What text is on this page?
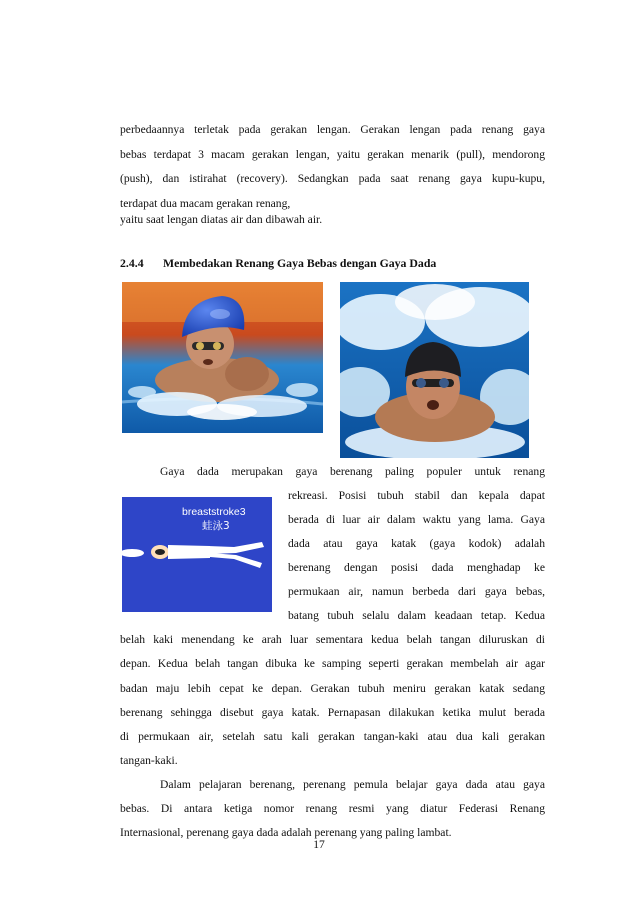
perbedaannya terletak pada gerakan lengan. Gerakan lengan pada renang gaya
bebas terdapat 3 macam gerakan lengan, yaitu gerakan menarik (pull), mendorong
(push), dan istirahat (recovery). Sedangkan pada saat renang gaya kupu-kupu,
terdapat dua macam gerakan renang,
yaitu saat lengan diatas air dan dibawah air.
2.4.4 Membedakan Renang Gaya Bebas dengan Gaya Dada
Gaya dada merupakan gaya berenang paling populer untuk renang
breaststroke3
蛙泳3
rekreasi. Posisi tubuh stabil dan kepala dapat
berada di luar air dalam waktu yang lama. Gaya
dada atau gaya katak (gaya kodok) adalah
berenang dengan posisi dada menghadap ke
permukaan air, namun berbeda dari gaya bebas,
batang tubuh selalu dalam keadaan tetap. Kedua
belah kaki menendang ke arah luar sementara kedua belah tangan diluruskan di
depan. Kedua belah tangan dibuka ke samping seperti gerakan membelah air agar
badan maju lebih cepat ke depan. Gerakan tubuh meniru gerakan katak sedang
berenang sehingga disebut gaya katak. Pernapasan dilakukan ketika mulut berada
di permukaan air, setelah satu kali gerakan tangan-kaki atau dua kali gerakan
tangan-kaki.
Dalam pelajaran berenang, perenang pemula belajar gaya dada atau gaya
bebas. Di antara ketiga nomor renang resmi yang diatur Federasi Renang
Internasional, perenang gaya dada adalah perenang yang paling lambat.
17
